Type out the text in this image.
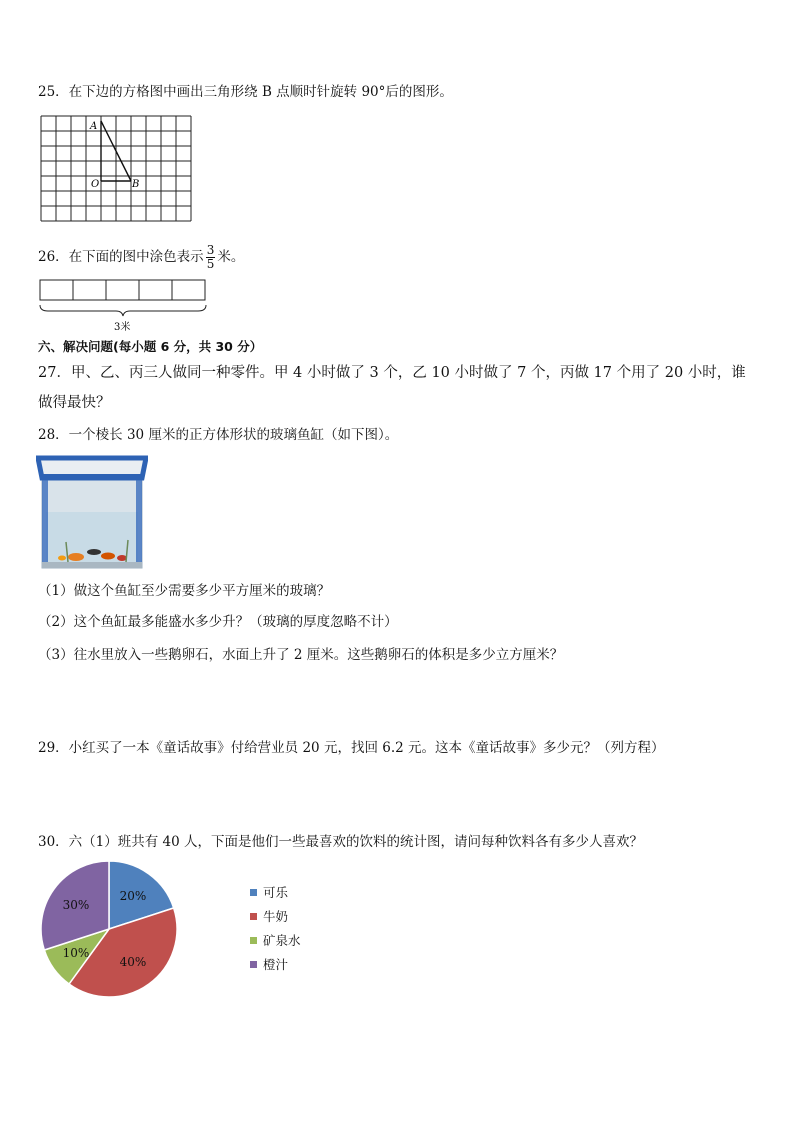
25．在下边的方格图中画出三角形绕 B 点顺时针旋转 90°后的图形。
A
O	B
26．在下面的图中涂色表示 $\frac{3}{5}$ 米。
3米
六、解决问题(每小题 6 分，共 30 分）
27．甲、乙、丙三人做同一种零件。甲 4 小时做了 3 个，乙 10 小时做了 7 个，丙做 17 个用了 20 小时，谁做得最快？
28．一个棱长 30 厘米的正方体形状的玻璃鱼缸（如下图）。
（1）做这个鱼缸至少需要多少平方厘米的玻璃？
（2）这个鱼缸最多能盛水多少升？（玻璃的厚度忽略不计）
（3）往水里放入一些鹅卵石，水面上升了 2 厘米。这些鹅卵石的体积是多少立方厘米？
29．小红买了一本《童话故事》付给营业员 20 元，找回 6.2 元。这本《童话故事》多少元？（列方程）
30．六（1）班共有 40 人，下面是他们一些最喜欢的饮料的统计图，请问每种饮料各有多少人喜欢？
20%
40%
10%
30%
可乐
牛奶
矿泉水
橙汁
